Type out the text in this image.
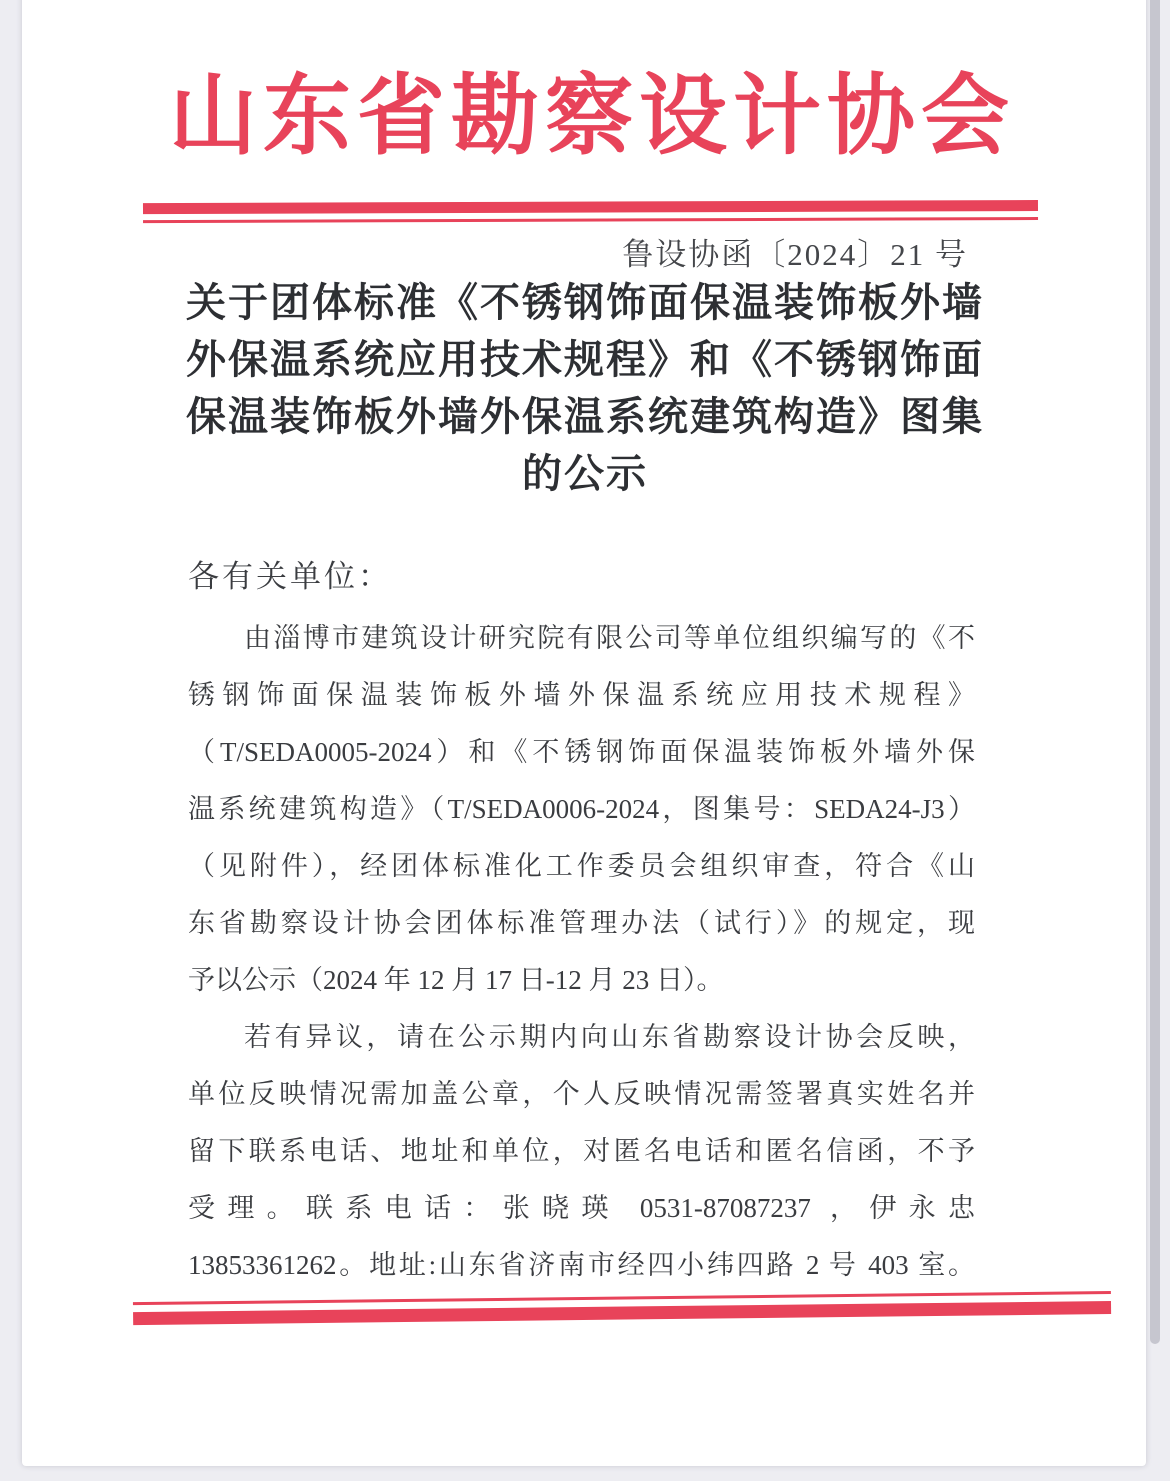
山东省勘察设计协会
鲁设协函〔2024〕21 号
关于团体标准《不锈钢饰面保温装饰板外墙
外保温系统应用技术规程》和《不锈钢饰面
保温装饰板外墙外保温系统建筑构造》图集
的公示
各有关单位：
由淄博市建筑设计研究院有限公司等单位组织编写的《不
锈钢饰面保温装饰板外墙外保温系统应用技术规程》
（T/SEDA0005-2024）和《不锈钢饰面保温装饰板外墙外保
温系统建筑构造》（T/SEDA0006-2024，图集号：SEDA24-J3）
（见附件），经团体标准化工作委员会组织审查，符合《山
东省勘察设计协会团体标准管理办法（试行）》的规定，现
予以公示（2024 年 12 月 17 日-12 月 23 日）。
若有异议，请在公示期内向山东省勘察设计协会反映，
单位反映情况需加盖公章，个人反映情况需签署真实姓名并
留下联系电话、地址和单位，对匿名电话和匿名信函，不予
受理。联系电话：张晓瑛 0531-87087237 ，伊永忠
13853361262。地址:山东省济南市经四小纬四路 2 号 403 室。
